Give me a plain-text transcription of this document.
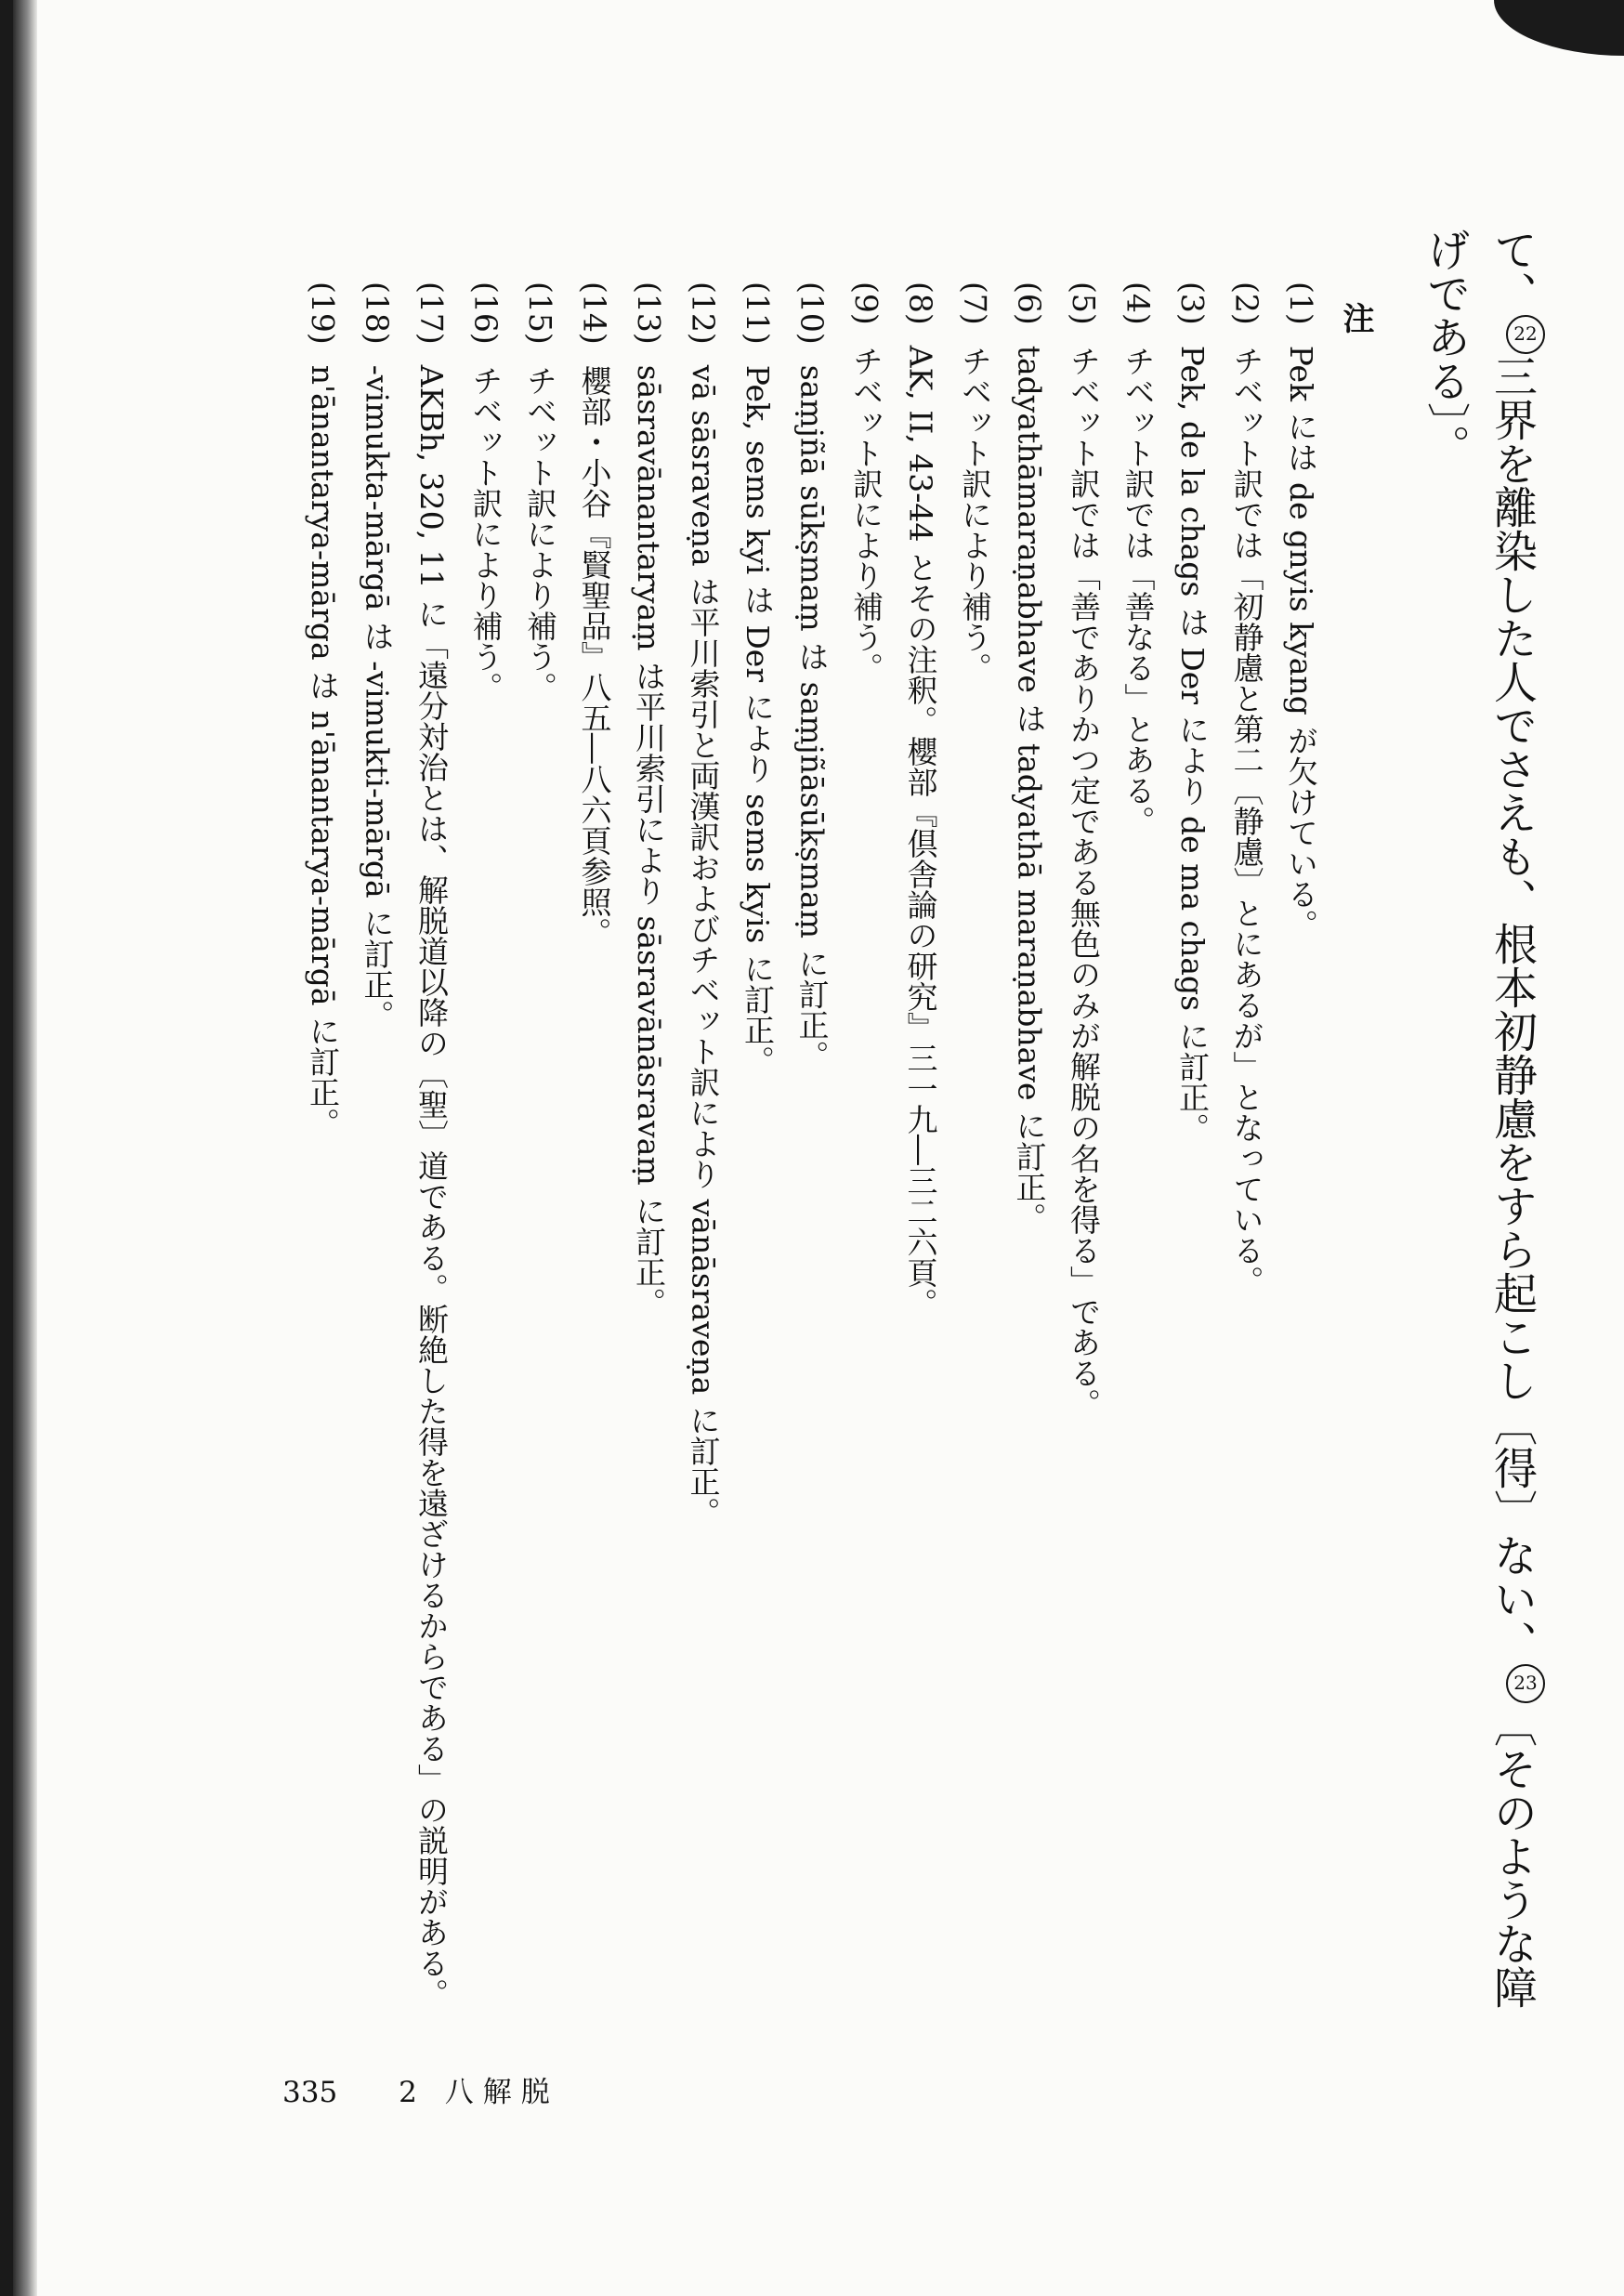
て、22三界を離染した人でさえも、根本初静慮をすら起こし〔得〕ない、23〔そのような障げである〕。
注
(1)Pek には de gnyis kyang が欠けている。
(2)チベット訳では「初静慮と第二〔静慮〕とにあるが」となっている。
(3)Pek, de la chags は Der により de ma chags に訂正。
(4)チベット訳では「善なる」とある。
(5)チベット訳では「善でありかつ定である無色のみが解脱の名を得る」である。
(6)tadyathāmaraṇabhave は tadyathā maraṇabhave に訂正。
(7)チベット訳により補う。
(8)AK, II, 43-44 とその注釈。櫻部『倶舎論の研究』三一九―三二六頁。
(9)チベット訳により補う。
(10)saṃjñā sūkṣmaṃ は saṃjñāsūkṣmaṃ に訂正。
(11)Pek, sems kyi は Der により sems kyis に訂正。
(12)vā sāsraveṇa は平川索引と両漢訳およびチベット訳により vānāsraveṇa に訂正。
(13)sāsravānantaryaṃ は平川索引により sāsravānāsravaṃ に訂正。
(14)櫻部・小谷『賢聖品』八五―八六頁参照。
(15)チベット訳により補う。
(16)チベット訳により補う。
(17)AKBh, 320, 11 に「遠分対治とは、解脱道以降の〔聖〕道である。断絶した得を遠ざけるからである」の説明がある。
(18)-vimukta-mārgā は -vimukti-mārgā に訂正。
(19)n'ānantarya-mārga は n'ānantarya-mārgā に訂正。
335 2 八解脱
